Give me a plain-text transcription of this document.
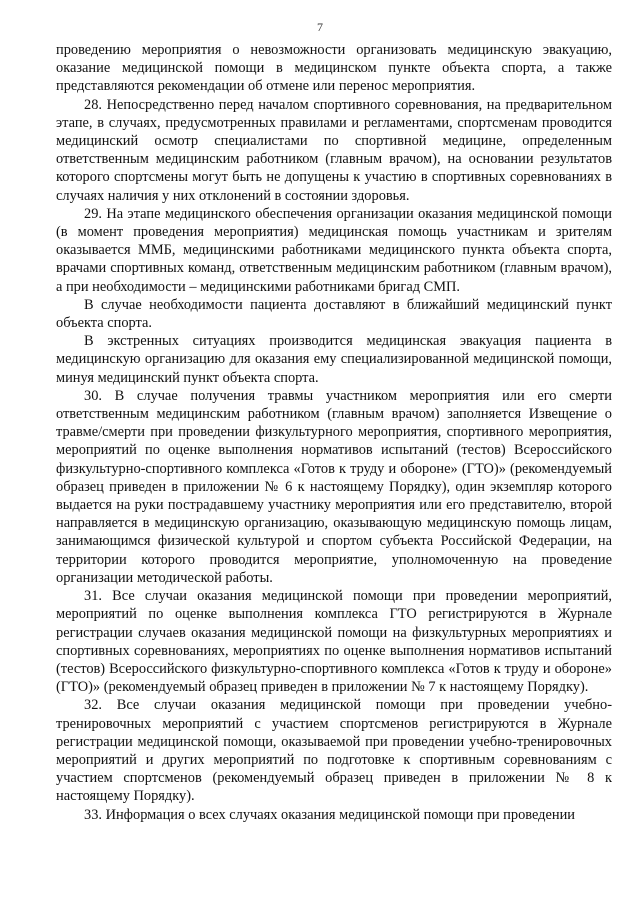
7

проведению мероприятия о невозможности организовать медицинскую эвакуацию, оказание медицинской помощи в медицинском пункте объекта спорта, а также представляются рекомендации об отмене или перенос мероприятия.

28. Непосредственно перед началом спортивного соревнования, на предварительном этапе, в случаях, предусмотренных правилами и регламентами, спортсменам проводится медицинский осмотр специалистами по спортивной медицине, определенным ответственным медицинским работником (главным врачом), на основании результатов которого спортсмены могут быть не допущены к участию в спортивных соревнованиях в случаях наличия у них отклонений в состоянии здоровья.

29. На этапе медицинского обеспечения организации оказания медицинской помощи (в момент проведения мероприятия) медицинская помощь участникам и зрителям оказывается ММБ, медицинскими работниками медицинского пункта объекта спорта, врачами спортивных команд, ответственным медицинским работником (главным врачом), а при необходимости – медицинскими работниками бригад СМП.

В случае необходимости пациента доставляют в ближайший медицинский пункт объекта спорта.

В экстренных ситуациях производится медицинская эвакуация пациента в медицинскую организацию для оказания ему специализированной медицинской помощи, минуя медицинский пункт объекта спорта.

30. В случае получения травмы участником мероприятия или его смерти ответственным медицинским работником (главным врачом) заполняется Извещение о травме/смерти при проведении физкультурного мероприятия, спортивного мероприятия, мероприятий по оценке выполнения нормативов испытаний (тестов) Всероссийского физкультурно-спортивного комплекса «Готов к труду и обороне» (ГТО)» (рекомендуемый образец приведен в приложении № 6 к настоящему Порядку), один экземпляр которого выдается на руки пострадавшему участнику мероприятия или его представителю, второй направляется в медицинскую организацию, оказывающую медицинскую помощь лицам, занимающимся физической культурой и спортом субъекта Российской Федерации, на территории которого проводится мероприятие, уполномоченную на проведение организации методической работы.

31. Все случаи оказания медицинской помощи при проведении мероприятий, мероприятий по оценке выполнения комплекса ГТО регистрируются в Журнале регистрации случаев оказания медицинской помощи на физкультурных мероприятиях и спортивных соревнованиях, мероприятиях по оценке выполнения нормативов испытаний (тестов) Всероссийского физкультурно-спортивного комплекса «Готов к труду и обороне» (ГТО)» (рекомендуемый образец приведен в приложении № 7 к настоящему Порядку).

32. Все случаи оказания медицинской помощи при проведении учебно-тренировочных мероприятий с участием спортсменов регистрируются в Журнале регистрации медицинской помощи, оказываемой при проведении учебно-тренировочных мероприятий и других мероприятий по подготовке к спортивным соревнованиям с участием спортсменов (рекомендуемый образец приведен в приложении № 8 к настоящему Порядку).

33. Информация о всех случаях оказания медицинской помощи при проведении
